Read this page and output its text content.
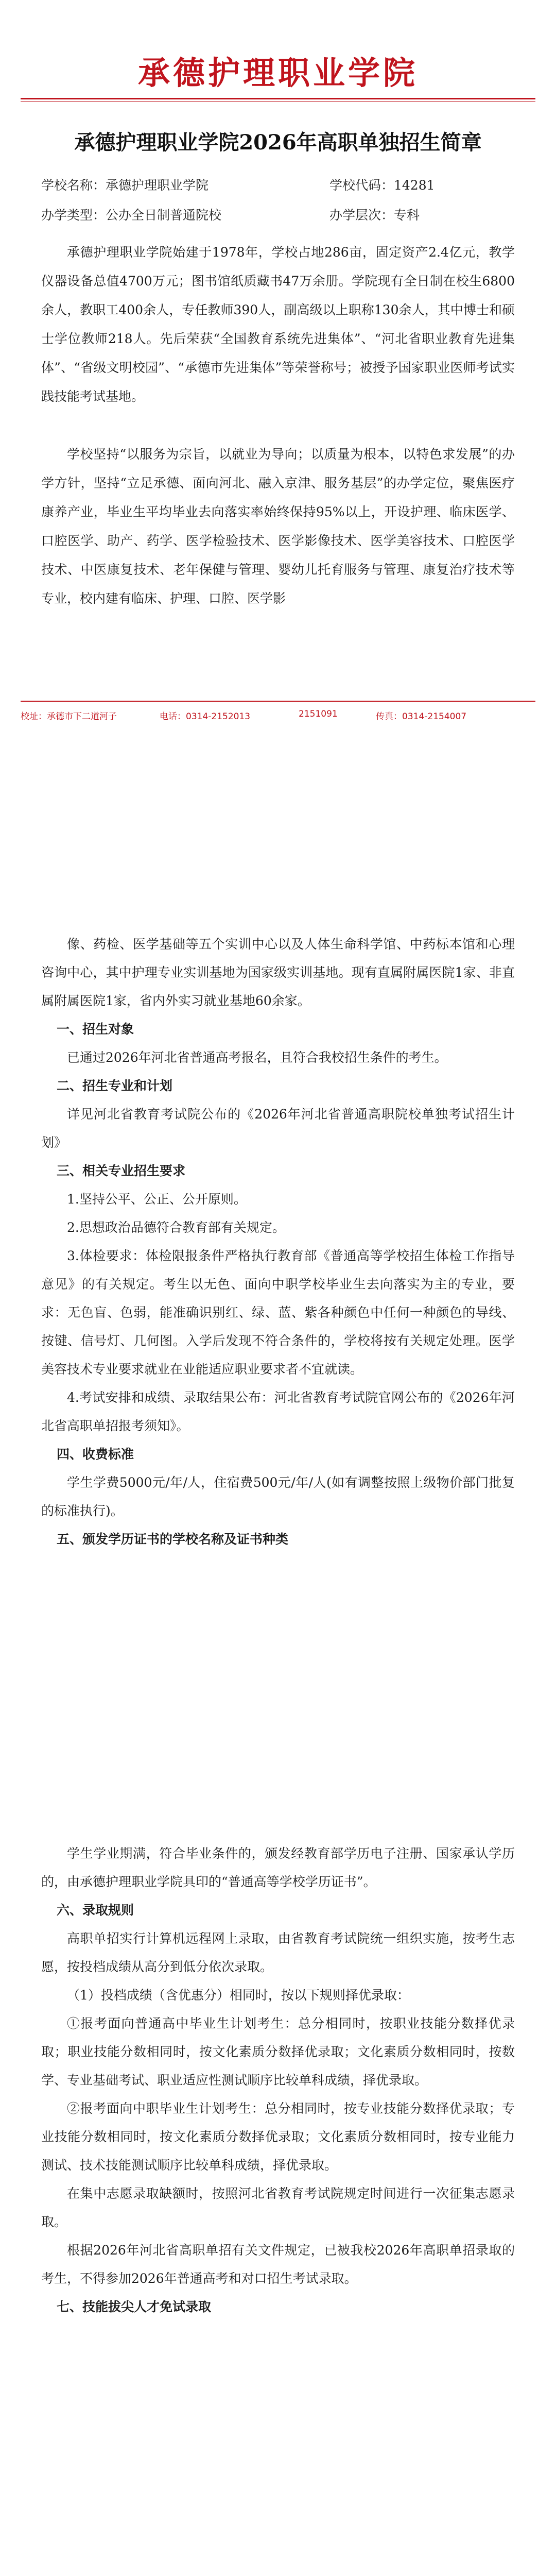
承德护理职业学院
承德护理职业学院2026年高职单独招生简章
学校名称：承德护理职业学院	学校代码：14281
办学类型：公办全日制普通院校	办学层次：专科
承德护理职业学院始建于1978年，学校占地286亩，固定资产2.4亿元，教学仪器设备总值4700万元；图书馆纸质藏书47万余册。学院现有全日制在校生6800余人，教职工400余人，专任教师390人，副高级以上职称130余人，其中博士和硕士学位教师218人。先后荣获“全国教育系统先进集体”、“河北省职业教育先进集体”、“省级文明校园”、“承德市先进集体”等荣誉称号；被授予国家职业医师考试实践技能考试基地。
学校坚持“以服务为宗旨，以就业为导向；以质量为根本，以特色求发展”的办学方针，坚持“立足承德、面向河北、融入京津、服务基层”的办学定位，聚焦医疗康养产业，毕业生平均毕业去向落实率始终保持95%以上，开设护理、临床医学、口腔医学、助产、药学、医学检验技术、医学影像技术、医学美容技术、口腔医学技术、中医康复技术、老年保健与管理、婴幼儿托育服务与管理、康复治疗技术等专业，校内建有临床、护理、口腔、医学影
校址：承德市下二道河子	电话：0314-2152013	2151091	传真：0314-2154007

像、药检、医学基础等五个实训中心以及人体生命科学馆、中药标本馆和心理咨询中心，其中护理专业实训基地为国家级实训基地。现有直属附属医院1家、非直属附属医院1家，省内外实习就业基地60余家。

一、招生对象

已通过2026年河北省普通高考报名，且符合我校招生条件的考生。

二、招生专业和计划

详见河北省教育考试院公布的《2026年河北省普通高职院校单独考试招生计划》

三、相关专业招生要求

1.坚持公平、公正、公开原则。

2.思想政治品德符合教育部有关规定。

3.体检要求：体检限报条件严格执行教育部《普通高等学校招生体检工作指导意见》的有关规定。考生以无色、面向中职学校毕业生去向落实为主的专业，要求：无色盲、色弱，能准确识别红、绿、蓝、紫各种颜色中任何一种颜色的导线、按键、信号灯、几何图。入学后发现不符合条件的，学校将按有关规定处理。医学美容技术专业要求就业在业能适应职业要求者不宜就读。

4.考试安排和成绩、录取结果公布：河北省教育考试院官网公布的《2026年河北省高职单招报考须知》。

四、收费标准

学生学费5000元/年/人，住宿费500元/年/人(如有调整按照上级物价部门批复的标准执行)。

五、颁发学历证书的学校名称及证书种类

学生学业期满，符合毕业条件的，颁发经教育部学历电子注册、国家承认学历的，由承德护理职业学院具印的“普通高等学校学历证书”。

六、录取规则

高职单招实行计算机远程网上录取，由省教育考试院统一组织实施，按考生志愿，按投档成绩从高分到低分依次录取。

（1）投档成绩（含优惠分）相同时，按以下规则择优录取：

①报考面向普通高中毕业生计划考生：总分相同时，按职业技能分数择优录取；职业技能分数相同时，按文化素质分数择优录取；文化素质分数相同时，按数学、专业基础考试、职业适应性测试顺序比较单科成绩，择优录取。

②报考面向中职毕业生计划考生：总分相同时，按专业技能分数择优录取；专业技能分数相同时，按文化素质分数择优录取；文化素质分数相同时，按专业能力测试、技术技能测试顺序比较单科成绩，择优录取。

在集中志愿录取缺额时，按照河北省教育考试院规定时间进行一次征集志愿录取。

根据2026年河北省高职单招有关文件规定，已被我校2026年高职单招录取的考生，不得参加2026年普通高考和对口招生考试录取。

七、技能拔尖人才免试录取
